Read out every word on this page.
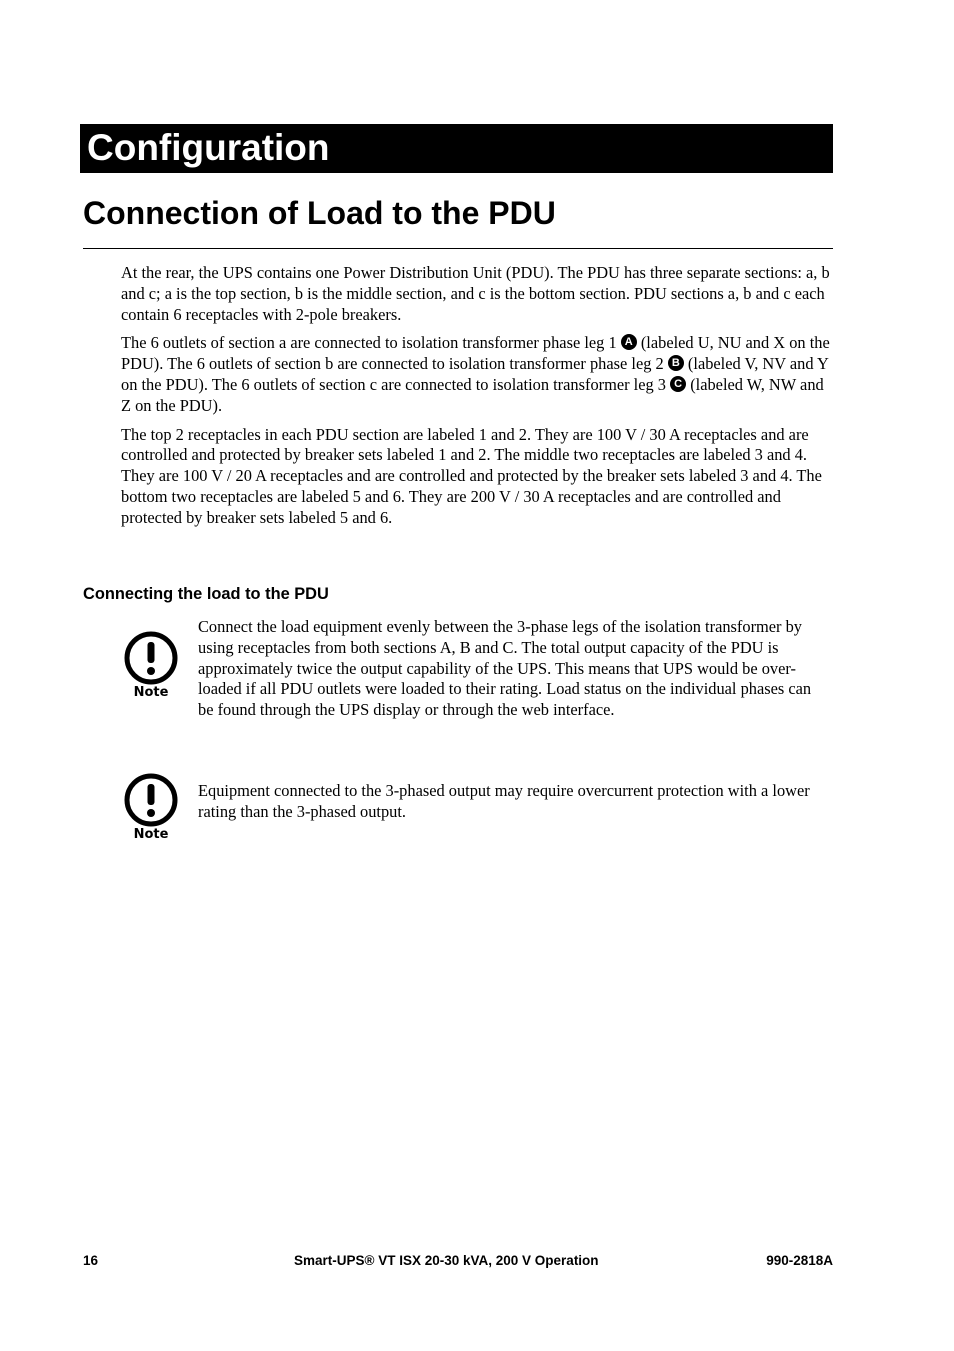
Configuration
Connection of Load to the PDU

At the rear, the UPS contains one Power Distribution Unit (PDU). The PDU has three separate sections: a, b and c; a is the top section, b is the middle section, and c is the bottom section. PDU sections a, b and c each contain 6 receptacles with 2-pole breakers.

The 6 outlets of section a are connected to isolation transformer phase leg 1 A (labeled U, NU and X on the PDU). The 6 outlets of section b are connected to isolation transformer phase leg 2 B (labeled V, NV and Y on the PDU). The 6 outlets of section c are connected to isolation transformer leg 3 C (labeled W, NW and Z on the PDU).

The top 2 receptacles in each PDU section are labeled 1 and 2. They are 100 V / 30 A receptacles and are controlled and protected by breaker sets labeled 1 and 2. The middle two receptacles are labeled 3 and 4. They are 100 V / 20 A receptacles and are controlled and protected by the breaker sets labeled 3 and 4. The bottom two receptacles are labeled 5 and 6. They are 200 V / 30 A receptacles and are controlled and protected by breaker sets labeled 5 and 6.

Connecting the load to the PDU
Note
Connect the load equipment evenly between the 3-phase legs of the isolation transformer by using receptacles from both sections A, B and C. The total output capacity of the PDU is approximately twice the output capability of the UPS. This means that UPS would be over-loaded if all PDU outlets were loaded to their rating. Load status on the individual phases can be found through the UPS display or through the web interface.
Note
Equipment connected to the 3-phased output may require overcurrent protection with a lower rating than the 3-phased output.
16	Smart-UPS® VT ISX 20-30 kVA, 200 V Operation	990-2818A
